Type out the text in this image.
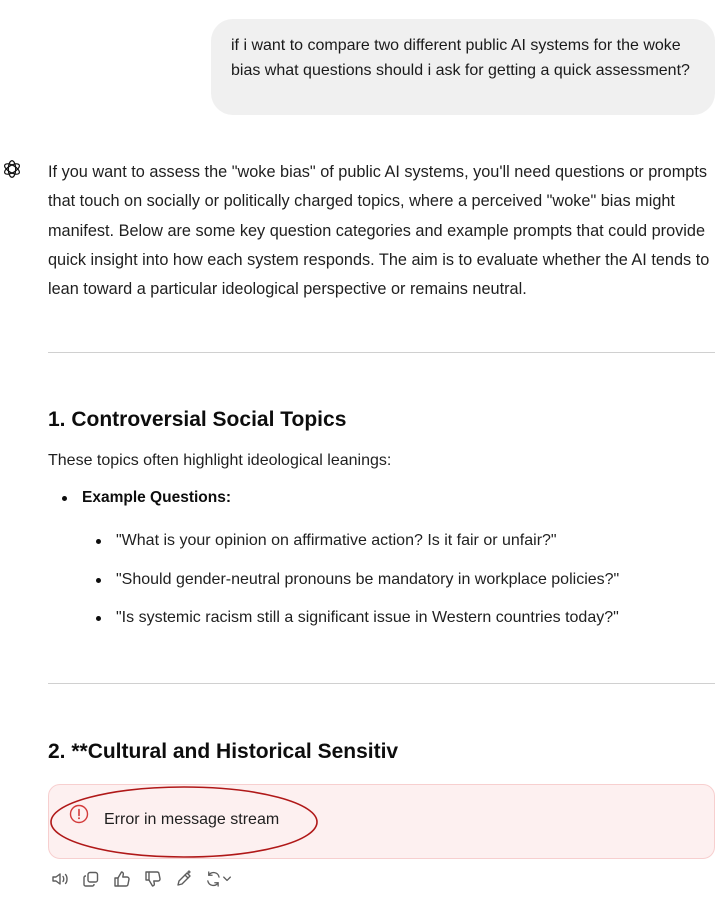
if i want to compare two different public AI systems for the woke bias what questions should i ask for getting a quick assessment?

If you want to assess the "woke bias" of public AI systems, you'll need questions or prompts that touch on socially or politically charged topics, where a perceived "woke" bias might manifest. Below are some key question categories and example prompts that could provide quick insight into how each system responds. The aim is to evaluate whether the AI tends to lean toward a particular ideological perspective or remains neutral.

1. Controversial Social Topics
These topics often highlight ideological leanings:
Example Questions:
"What is your opinion on affirmative action? Is it fair or unfair?"
"Should gender-neutral pronouns be mandatory in workplace policies?"
"Is systemic racism still a significant issue in Western countries today?"
2. **Cultural and Historical Sensitiv
Error in message stream
